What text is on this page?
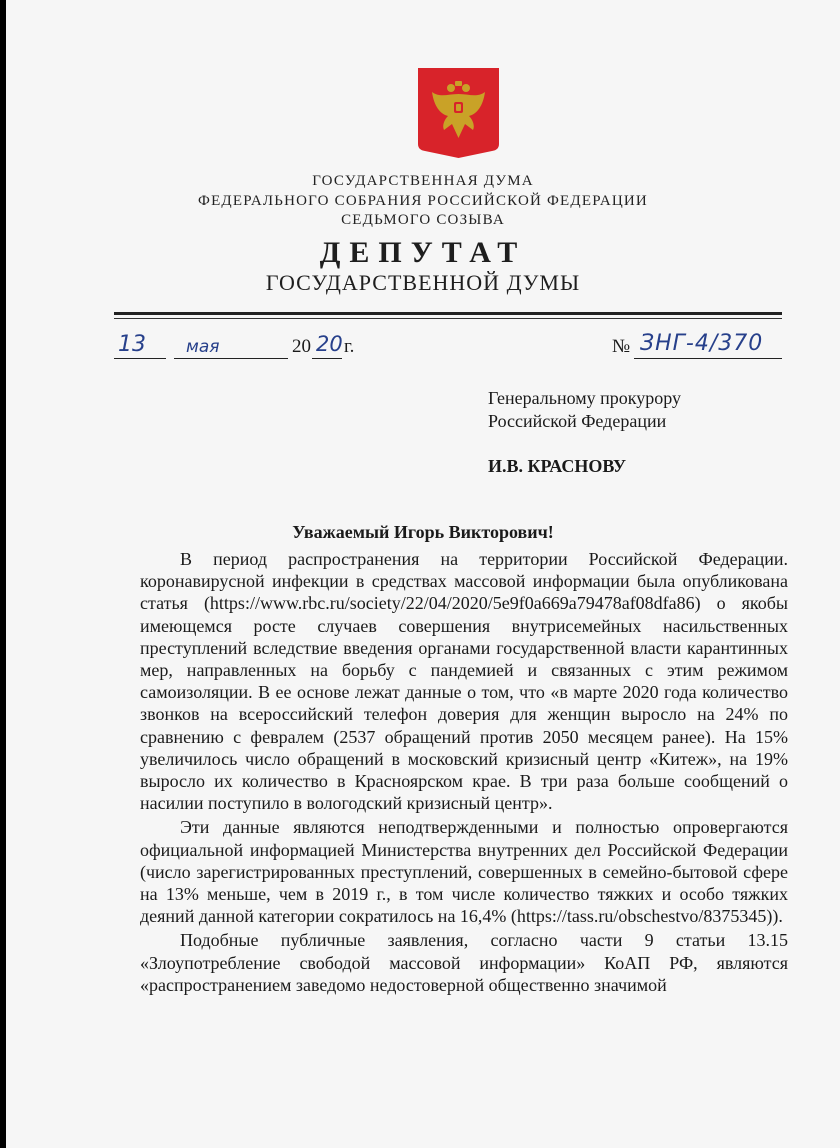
ГОСУДАРСТВЕННАЯ ДУМА
ФЕДЕРАЛЬНОГО СОБРАНИЯ РОССИЙСКОЙ ФЕДЕРАЦИИ
СЕДЬМОГО СОЗЫВА
ДЕПУТАТ
ГОСУДАРСТВЕННОЙ ДУМЫ
13 мая	20 20 г.	№ ЗНГ-4/370
Генеральному прокурору
Российской Федерации
И.В. КРАСНОВУ
Уважаемый Игорь Викторович!

В период распространения на территории Российской Федерации. коронавирусной инфекции в средствах массовой информации была опубликована статья (https://www.rbc.ru/society/22/04/2020/5e9f0a669a79478af08dfa86) о якобы имеющемся росте случаев совершения внутрисемейных насильственных преступлений вследствие введения органами государственной власти карантинных мер, направленных на борьбу с пандемией и связанных с этим режимом самоизоляции. В ее основе лежат данные о том, что «в марте 2020 года количество звонков на всероссийский телефон доверия для женщин выросло на 24% по сравнению с февралем (2537 обращений против 2050 месяцем ранее). На 15% увеличилось число обращений в московский кризисный центр «Китеж», на 19% выросло их количество в Красноярском крае. В три раза больше сообщений о насилии поступило в вологодский кризисный центр».

Эти данные являются неподтвержденными и полностью опровергаются официальной информацией Министерства внутренних дел Российской Федерации (число зарегистрированных преступлений, совершенных в семейно-бытовой сфере на 13% меньше, чем в 2019 г., в том числе количество тяжких и особо тяжких деяний данной категории сократилось на 16,4% (https://tass.ru/obschestvo/8375345)).

Подобные публичные заявления, согласно части 9 статьи 13.15 «Злоупотребление свободой массовой информации» КоАП РФ, являются «распространением заведомо недостоверной общественно значимой
